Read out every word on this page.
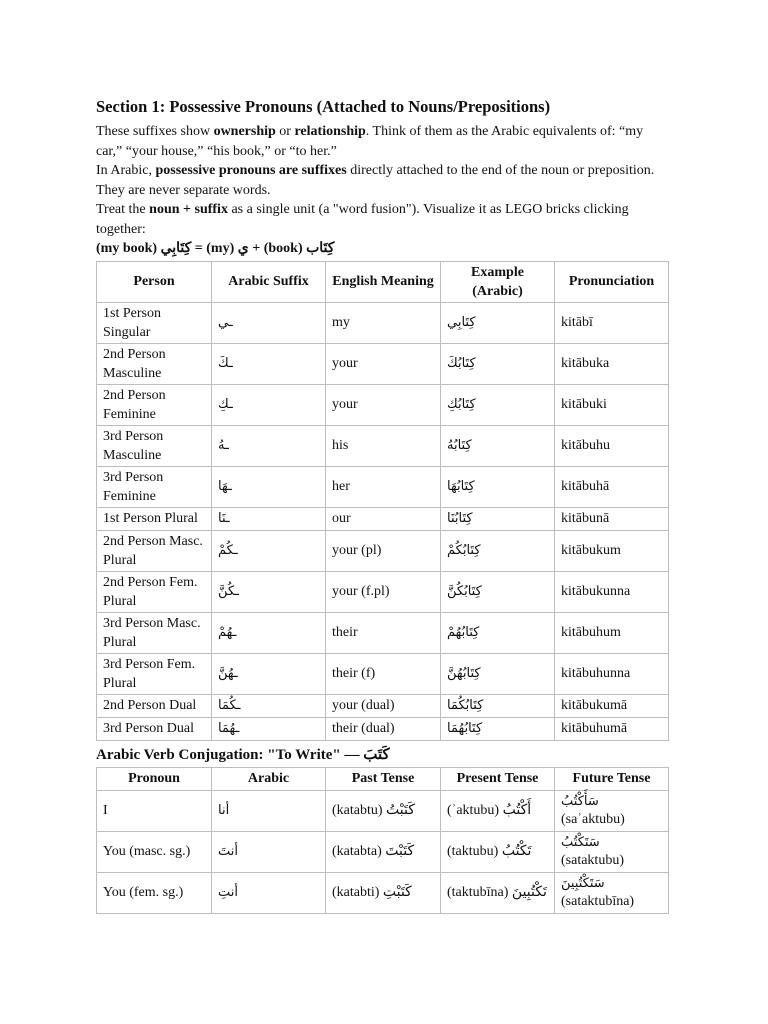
Section 1: Possessive Pronouns (Attached to Nouns/Prepositions)

These suffixes show ownership or relationship. Think of them as the Arabic equivalents of: “my car,” “your house,” “his book,” or “to her.”

In Arabic, possessive pronouns are suffixes directly attached to the end of the noun or preposition. They are never separate words.

Treat the noun + suffix as a single unit (a "word fusion"). Visualize it as LEGO bricks clicking together:

(my book) كِتَابِي = (my) ي + (book) كِتَاب

Person	Arabic Suffix	English Meaning	Example (Arabic)	Pronunciation
1st Person Singular	ـي	my	كِتَابِي	kitābī
2nd Person Masculine	ـكَ	your	كِتَابُكَ	kitābuka
2nd Person Feminine	ـكِ	your	كِتَابُكِ	kitābuki
3rd Person Masculine	ـهُ	his	كِتَابُهُ	kitābuhu
3rd Person Feminine	ـهَا	her	كِتَابُهَا	kitābuhā
1st Person Plural	ـنَا	our	كِتَابُنَا	kitābunā
2nd Person Masc. Plural	ـكُمْ	your (pl)	كِتَابُكُمْ	kitābukum
2nd Person Fem. Plural	ـكُنَّ	your (f.pl)	كِتَابُكُنَّ	kitābukunna
3rd Person Masc. Plural	ـهُمْ	their	كِتَابُهُمْ	kitābuhum
3rd Person Fem. Plural	ـهُنَّ	their (f)	كِتَابُهُنَّ	kitābuhunna
2nd Person Dual	ـكُمَا	your (dual)	كِتَابُكُمَا	kitābukumā
3rd Person Dual	ـهُمَا	their (dual)	كِتَابُهُمَا	kitābuhumā
Arabic Verb Conjugation: "To Write" — كَتَبَ
Pronoun	Arabic	Past Tense	Present Tense	Future Tense
I	أنا	(katabtu) كَتَبْتُ	(ʾaktubu) أَكْتُبُ	سَأَكْتُبُ
(saʾaktubu)

You (masc. sg.)	أنتَ	(katabta) كَتَبْتَ	(taktubu) تَكْتُبُ	سَتَكْتُبُ
(sataktubu)

You (fem. sg.)	أنتِ	(katabti) كَتَبْتِ	(taktubīna) تَكْتُبِينَ	سَتَكْتُبِينَ
(sataktubīna)
